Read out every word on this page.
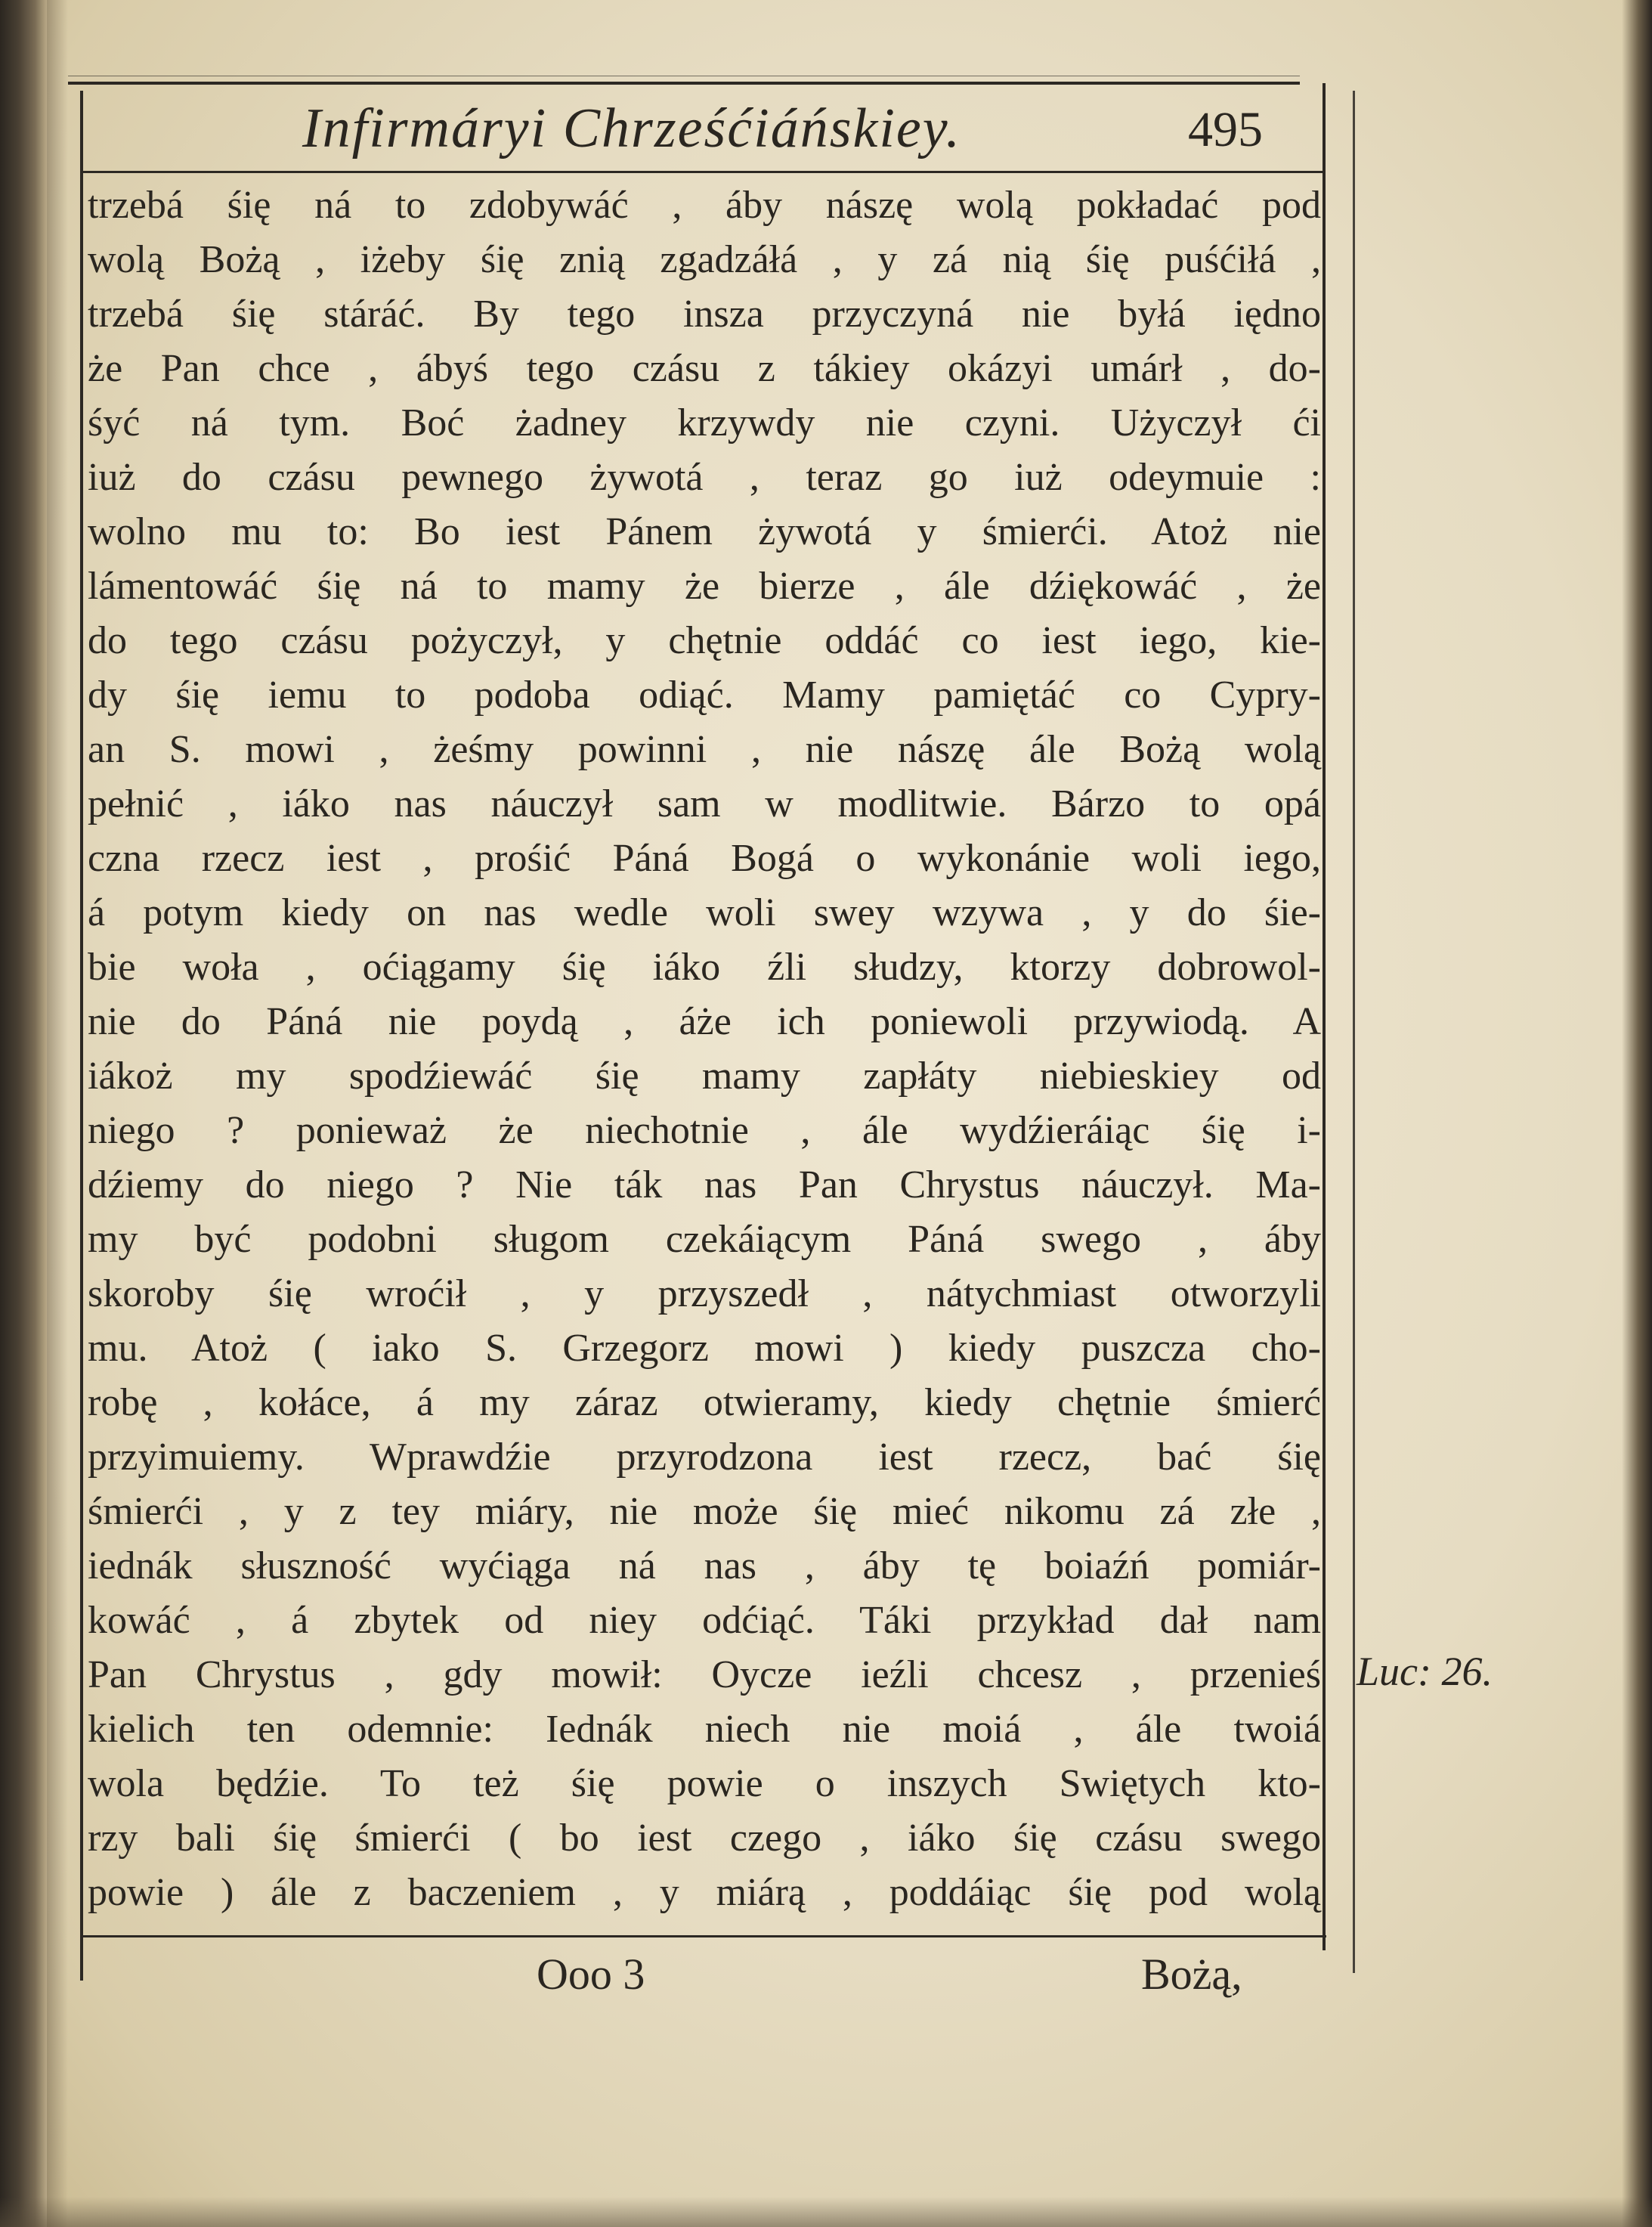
Infirmáryi Chrześćiáńskiey.	495
trzebá śię ná to zdobywáć , áby nászę wolą pokładać pod
wolą Bożą , iżeby śię znią zgadzáłá , y zá nią śię puśćiłá ,
trzebá śię stáráć. By tego insza przyczyná nie byłá iędno
że Pan chce , ábyś tego czásu z tákiey okázyi umárł , do-
śyć ná tym. Boć żadney krzywdy nie czyni. Użyczył ći
iuż do czásu pewnego żywotá , teraz go iuż odeymuie :
wolno mu to: Bo iest Pánem żywotá y śmierći. Atoż nie
lámentowáć śię ná to mamy że bierze , ále dźiękowáć , że
do tego czásu pożyczył, y chętnie oddáć co iest iego, kie-
dy śię iemu to podoba odiąć. Mamy pamiętáć co Cypry-
an S. mowi , żeśmy powinni , nie nászę ále Bożą wolą
pełnić , iáko nas náuczył sam w modlitwie. Bárzo to opá
czna rzecz iest , prośić Páná Bogá o wykonánie woli iego,
á potym kiedy on nas wedle woli swey wzywa , y do śie-
bie woła , oćiągamy śię iáko źli słudzy, ktorzy dobrowol-
nie do Páná nie poydą , áże ich poniewoli przywiodą. A
iákoż my spodźiewáć śię mamy zapłáty niebieskiey od
niego ? ponieważ że niechotnie , ále wydźieráiąc śię i-
dźiemy do niego ? Nie ták nas Pan Chrystus náuczył. Ma-
my być podobni sługom czekáiącym Páná swego , áby
skoroby śię wroćił , y przyszedł , nátychmiast otworzyli
mu. Atoż ( iako S. Grzegorz mowi ) kiedy puszcza cho-
robę , kołáce, á my záraz otwieramy, kiedy chętnie śmierć
przyimuiemy. Wprawdźie przyrodzona iest rzecz, bać śię
śmierći , y z tey miáry, nie może śię mieć nikomu zá złe ,
iednák słuszność wyćiąga ná nas , áby tę boiaźń pomiár-
kowáć , á zbytek od niey odćiąć. Táki przykład dał nam
Pan Chrystus , gdy mowił: Oycze ieźli chcesz , przenieś
kielich ten odemnie: Iednák niech nie moiá , ále twoiá
wola będźie. To też śię powie o inszych Swiętych kto-
rzy bali śię śmierći ( bo iest czego , iáko śię czásu swego
powie ) ále z baczeniem , y miárą , poddáiąc śię pod wolą
Luc: 26.
Ooo 3	Bożą,
